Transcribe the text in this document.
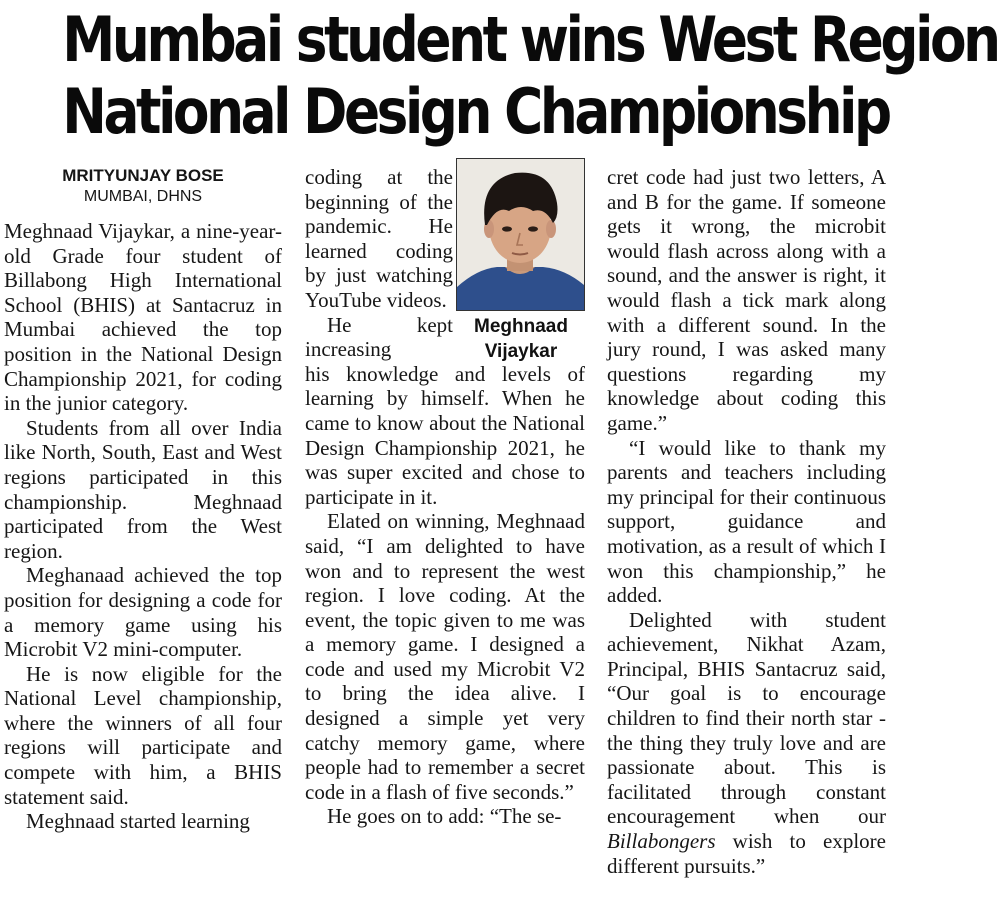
Mumbai student wins West Region
National Design Championship
MRITYUNJAY BOSE
MUMBAI, DHNS

Meghnaad Vijaykar, a nine-year-old Grade four student of Billabong High International School (BHIS) at Santacruz in Mumbai achieved the top position in the National Design Championship 2021, for coding in the junior category.

Students from all over India like North, South, East and West regions participated in this championship. Meghnaad participated from the West region.

Meghanaad achieved the top position for designing a code for a memory game using his Microbit V2 mini-computer.

He is now eligible for the National Level championship, where the winners of all four regions will participate and compete with him, a BHIS statement said.

Meghnaad started learning

coding at the beginning of the pandemic. He learned coding by just watching YouTube videos.

He kept increasing

his knowledge and levels of learning by himself. When he came to know about the National Design Championship 2021, he was super excited and chose to participate in it.

Elated on winning, Meghnaad said, “I am delighted to have won and to represent the west region. I love coding. At the event, the topic given to me was a memory game. I designed a code and used my Microbit V2 to bring the idea alive. I designed a simple yet very catchy memory game, where people had to remember a secret code in a flash of five seconds.”

He goes on to add: “The se-

Meghnaad
Vijaykar

cret code had just two letters, A and B for the game. If someone gets it wrong, the microbit would flash across along with a sound, and the answer is right, it would flash a tick mark along with a different sound. In the jury round, I was asked many questions regarding my knowledge about coding this game.”

“I would like to thank my parents and teachers including my principal for their continuous support, guidance and motivation, as a result of which I won this championship,” he added.

Delighted with student achievement, Nikhat Azam, Principal, BHIS Santacruz said, “Our goal is to encourage children to find their north star - the thing they truly love and are passionate about. This is facilitated through constant encouragement when our Billabongers wish to explore different pursuits.”
